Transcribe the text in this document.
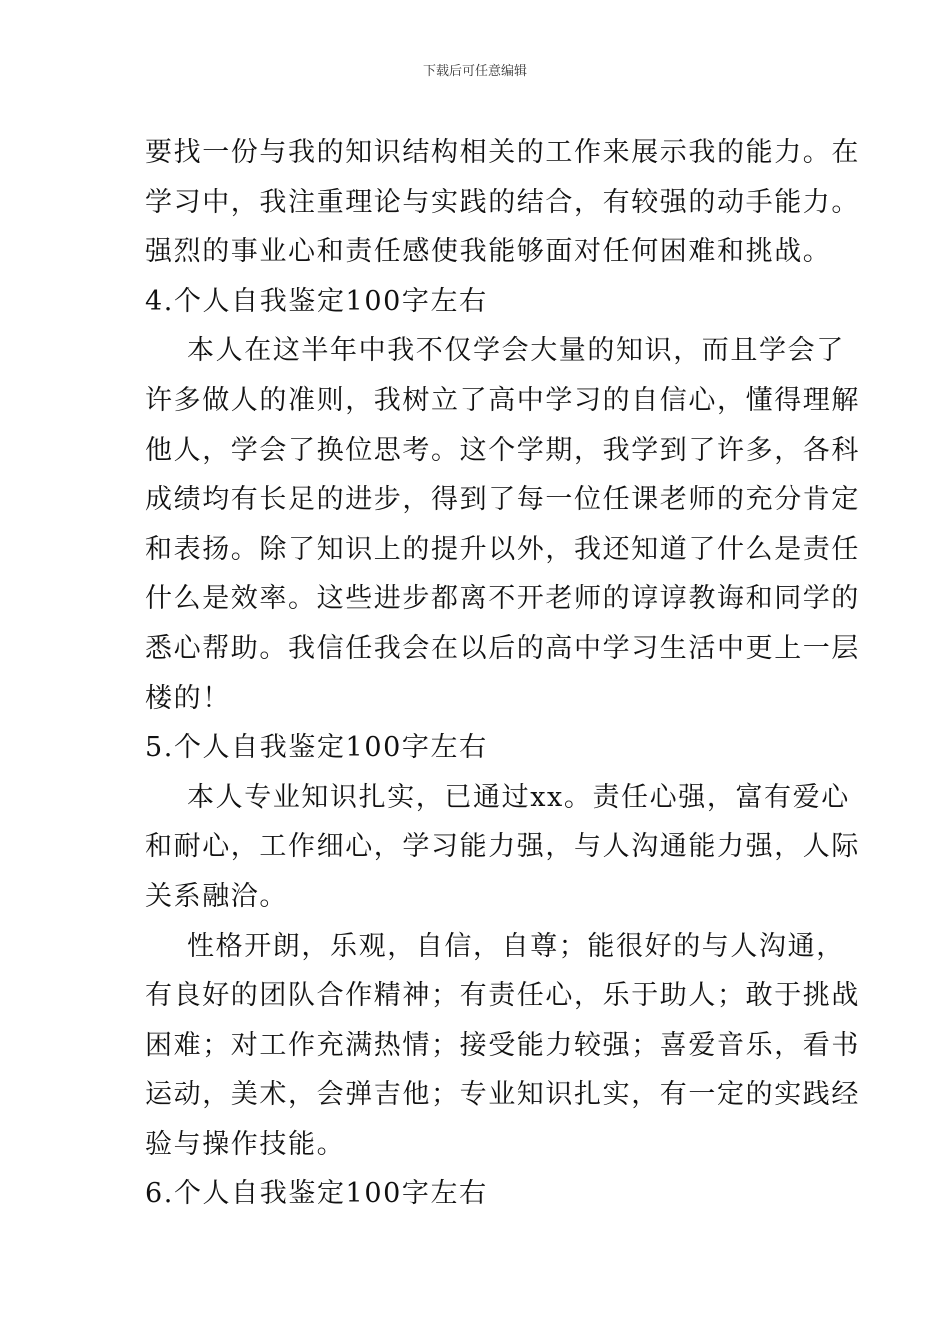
下载后可任意编辑
要找一份与我的知识结构相关的工作来展示我的能力。在
学习中，我注重理论与实践的结合，有较强的动手能力。
强烈的事业心和责任感使我能够面对任何困难和挑战。
4.个人自我鉴定100字左右
本人在这半年中我不仅学会大量的知识，而且学会了
许多做人的准则，我树立了高中学习的自信心，懂得理解
他人，学会了换位思考。这个学期，我学到了许多，各科
成绩均有长足的进步，得到了每一位任课老师的充分肯定
和表扬。除了知识上的提升以外，我还知道了什么是责任
什么是效率。这些进步都离不开老师的谆谆教诲和同学的
悉心帮助。我信任我会在以后的高中学习生活中更上一层
楼的！
5.个人自我鉴定100字左右
本人专业知识扎实，已通过xx。责任心强，富有爱心
和耐心，工作细心，学习能力强，与人沟通能力强，人际
关系融洽。
性格开朗，乐观，自信，自尊；能很好的与人沟通，
有良好的团队合作精神；有责任心，乐于助人；敢于挑战
困难；对工作充满热情；接受能力较强；喜爱音乐，看书
运动，美术，会弹吉他；专业知识扎实，有一定的实践经
验与操作技能。
6.个人自我鉴定100字左右
